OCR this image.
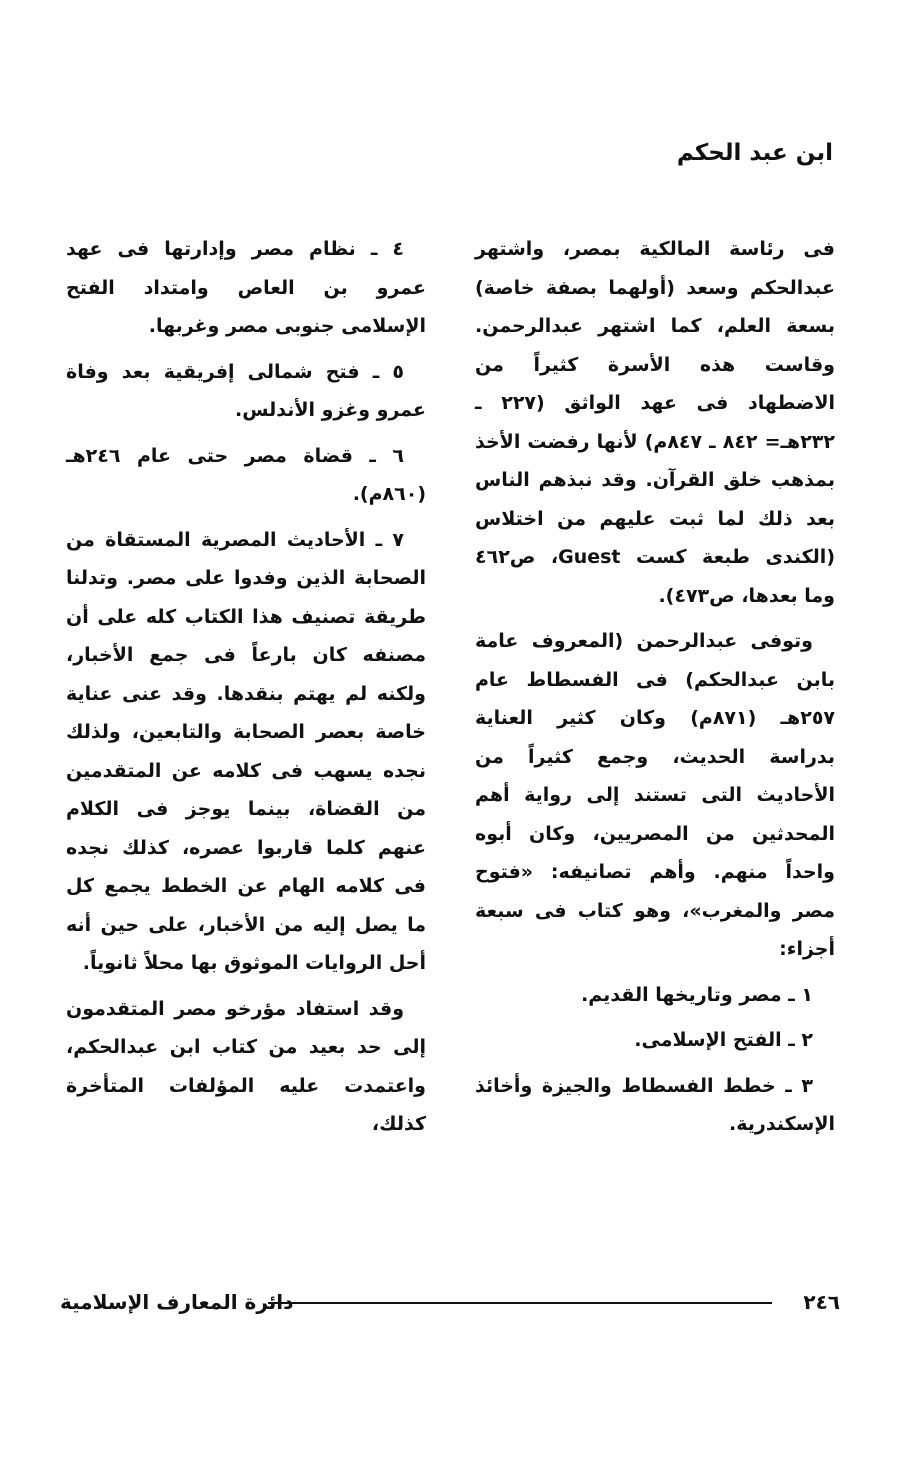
ابن عبد الحكم

فى رئاسة المالكية بمصر، واشتهر عبدالحكم وسعد (أولهما بصفة خاصة) بسعة العلم، كما اشتهر عبدالرحمن. وقاست هذه الأسرة كثيراً من الاضطهاد فى عهد الواثق (٢٢٧ ـ ٢٣٢هـ= ٨٤٢ ـ ٨٤٧م) لأنها رفضت الأخذ بمذهب خلق القرآن. وقد نبذهم الناس بعد ذلك لما ثبت عليهم من اختلاس (الكندى طبعة كست Guest، ص٤٦٢ وما بعدها، ص٤٧٣).

وتوفى عبدالرحمن (المعروف عامة بابن عبدالحكم) فى الفسطاط عام ٢٥٧هـ (٨٧١م) وكان كثير العناية بدراسة الحديث، وجمع كثيراً من الأحاديث التى تستند إلى رواية أهم المحدثين من المصريين، وكان أبوه واحداً منهم. وأهم تصانيفه: «فتوح مصر والمغرب»، وهو كتاب فى سبعة أجزاء:

١ ـ مصر وتاريخها القديم.

٢ ـ الفتح الإسلامى.

٣ ـ خطط الفسطاط والجيزة وأخائذ الإسكندرية.

٤ ـ نظام مصر وإدارتها فى عهد عمرو بن العاص وامتداد الفتح الإسلامى جنوبى مصر وغربها.

٥ ـ فتح شمالى إفريقية بعد وفاة عمرو وغزو الأندلس.

٦ ـ قضاة مصر حتى عام ٢٤٦هـ (٨٦٠م).

٧ ـ الأحاديث المصرية المستقاة من الصحابة الذين وفدوا على مصر. وتدلنا طريقة تصنيف هذا الكتاب كله على أن مصنفه كان بارعاً فى جمع الأخبار، ولكنه لم يهتم بنقدها. وقد عنى عناية خاصة بعصر الصحابة والتابعين، ولذلك نجده يسهب فى كلامه عن المتقدمين من القضاة، بينما يوجز فى الكلام عنهم كلما قاربوا عصره، كذلك نجده فى كلامه الهام عن الخطط يجمع كل ما يصل إليه من الأخبار، على حين أنه أحل الروايات الموثوق بها محلاً ثانوياً.

وقد استفاد مؤرخو مصر المتقدمون إلى حد بعيد من كتاب ابن عبدالحكم، واعتمدت عليه المؤلفات المتأخرة كذلك،

٢٤٦
دائرة المعارف الإسلامية
